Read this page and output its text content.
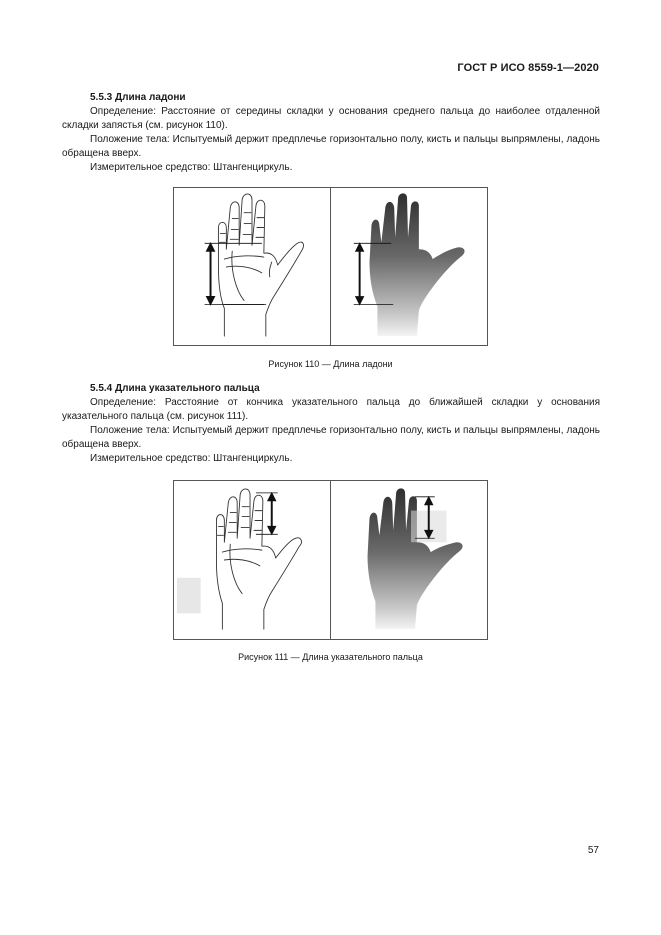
ГОСТ Р ИСО 8559-1—2020
5.5.3 Длина ладони

Определение: Расстояние от середины складки у основания среднего пальца до наиболее отдаленной складки запястья (см. рисунок 110).

Положение тела: Испытуемый держит предплечье горизонтально полу, кисть и пальцы выпрямлены, ладонь обращена вверх.

Измерительное средство: Штангенциркуль.

Рисунок 110 — Длина ладони
5.5.4 Длина указательного пальца

Определение: Расстояние от кончика указательного пальца до ближайшей складки у основания указательного пальца (см. рисунок 111).

Положение тела: Испытуемый держит предплечье горизонтально полу, кисть и пальцы выпрямлены, ладонь обращена вверх.

Измерительное средство: Штангенциркуль.

Рисунок 111 — Длина указательного пальца
57
